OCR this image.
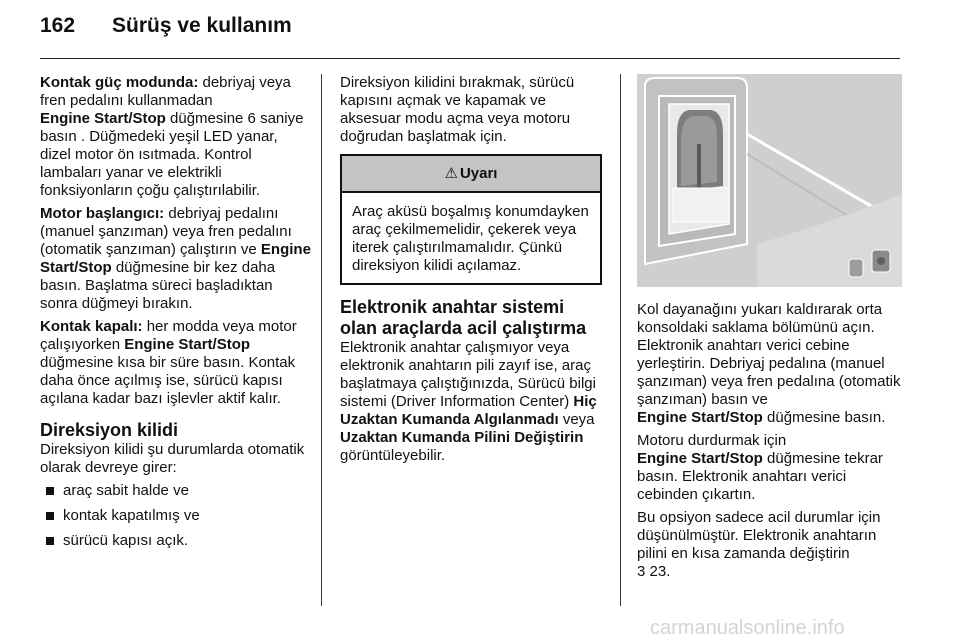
162 Sürüş ve kullanım

Kontak güç modunda: debriyaj veya fren pedalını kullanmadan
Engine Start/Stop düğmesine 6 saniye basın . Düğmedeki yeşil LED yanar, dizel motor ön ısıtmada. Kontrol lambaları yanar ve elektrikli fonksiyonların çoğu çalıştırılabilir.

Motor başlangıcı: debriyaj pedalını (manuel şanzıman) veya fren pedalını (otomatik şanzıman) çalıştırın ve Engine Start/Stop düğmesine bir kez daha basın. Başlatma süreci başladıktan sonra düğmeyi bırakın.

Kontak kapalı: her modda veya motor çalışıyorken Engine Start/Stop düğmesine kısa bir süre basın. Kontak daha önce açılmış ise, sürücü kapısı açılana kadar bazı işlevler aktif kalır.

Direksiyon kilidi

Direksiyon kilidi şu durumlarda otomatik olarak devreye girer:

araç sabit halde ve
kontak kapatılmış ve
sürücü kapısı açık.

Direksiyon kilidini bırakmak, sürücü kapısını açmak ve kapamak ve aksesuar modu açma veya motoru doğrudan başlatmak için.

⚠ Uyarı
Araç aküsü boşalmış konumdayken araç çekilmemelidir, çekerek veya iterek çalıştırılmamalıdır. Çünkü direksiyon kilidi açılamaz.
Elektronik anahtar sistemi olan araçlarda acil çalıştırma

Elektronik anahtar çalışmıyor veya elektronik anahtarın pili zayıf ise, araç başlatmaya çalıştığınızda, Sürücü bilgi sistemi (Driver Information Center) Hiç Uzaktan Kumanda Algılanmadı veya Uzaktan Kumanda Pilini Değiştirin görüntüleyebilir.

Kol dayanağını yukarı kaldırarak orta konsoldaki saklama bölümünü açın. Elektronik anahtarı verici cebine yerleştirin. Debriyaj pedalına (manuel şanzıman) veya fren pedalına (otomatik şanzıman) basın ve
Engine Start/Stop düğmesine basın.

Motoru durdurmak için
Engine Start/Stop düğmesine tekrar basın. Elektronik anahtarı verici cebinden çıkartın.

Bu opsiyon sadece acil durumlar için düşünülmüştür. Elektronik anahtarın pilini en kısa zamanda değiştirin
3 23.

carmanualsonline.info
